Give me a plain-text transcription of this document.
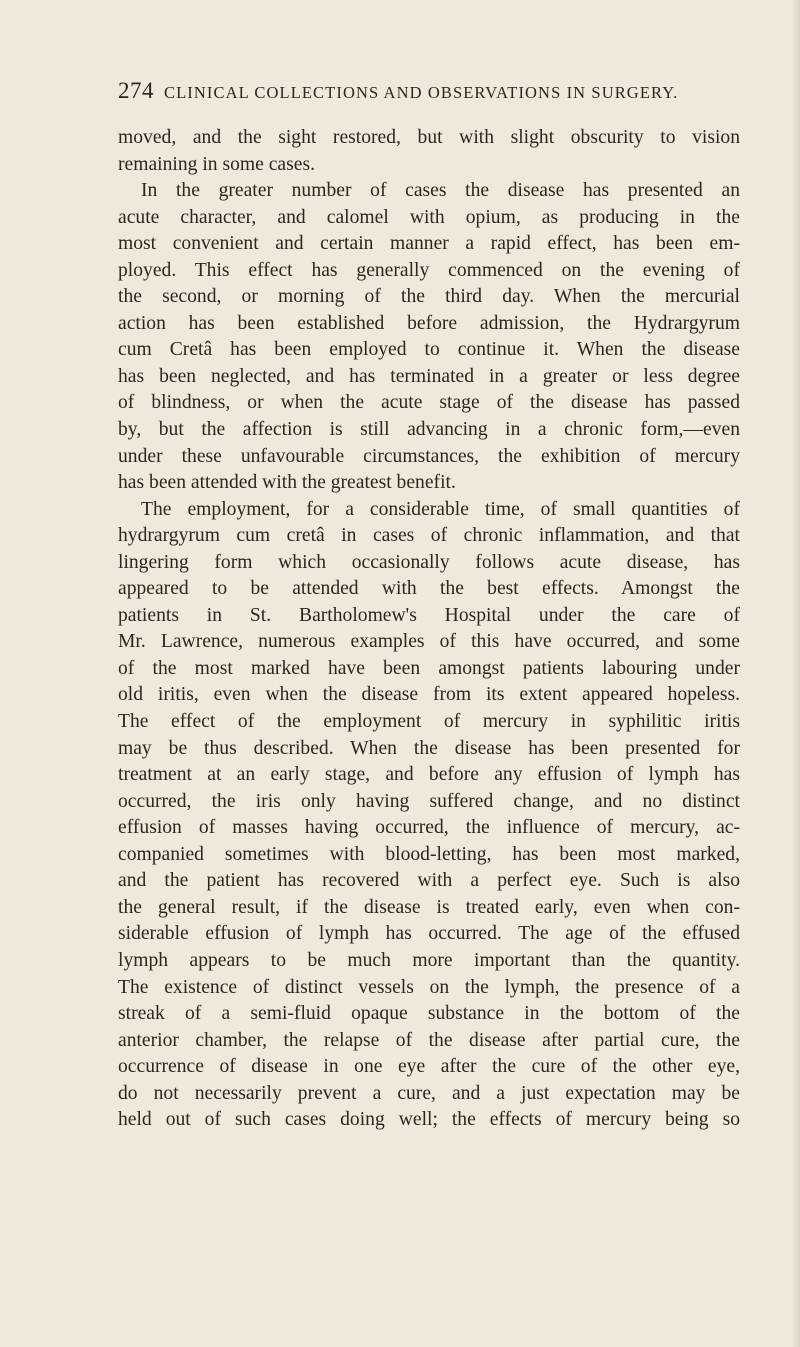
274 CLINICAL COLLECTIONS AND OBSERVATIONS IN SURGERY.
moved, and the sight restored, but with slight obscurity to vision
remaining in some cases.
In the greater number of cases the disease has presented an
acute character, and calomel with opium, as producing in the
most convenient and certain manner a rapid effect, has been em-
ployed. This effect has generally commenced on the evening of
the second, or morning of the third day. When the mercurial
action has been established before admission, the Hydrargyrum
cum Cretâ has been employed to continue it. When the disease
has been neglected, and has terminated in a greater or less degree
of blindness, or when the acute stage of the disease has passed
by, but the affection is still advancing in a chronic form,—even
under these unfavourable circumstances, the exhibition of mercury
has been attended with the greatest benefit.
The employment, for a considerable time, of small quantities of
hydrargyrum cum cretâ in cases of chronic inflammation, and that
lingering form which occasionally follows acute disease, has
appeared to be attended with the best effects. Amongst the
patients in St. Bartholomew's Hospital under the care of
Mr. Lawrence, numerous examples of this have occurred, and some
of the most marked have been amongst patients labouring under
old iritis, even when the disease from its extent appeared hopeless.
The effect of the employment of mercury in syphilitic iritis
may be thus described. When the disease has been presented for
treatment at an early stage, and before any effusion of lymph has
occurred, the iris only having suffered change, and no distinct
effusion of masses having occurred, the influence of mercury, ac-
companied sometimes with blood-letting, has been most marked,
and the patient has recovered with a perfect eye. Such is also
the general result, if the disease is treated early, even when con-
siderable effusion of lymph has occurred. The age of the effused
lymph appears to be much more important than the quantity.
The existence of distinct vessels on the lymph, the presence of a
streak of a semi-fluid opaque substance in the bottom of the
anterior chamber, the relapse of the disease after partial cure, the
occurrence of disease in one eye after the cure of the other eye,
do not necessarily prevent a cure, and a just expectation may be
held out of such cases doing well; the effects of mercury being so
